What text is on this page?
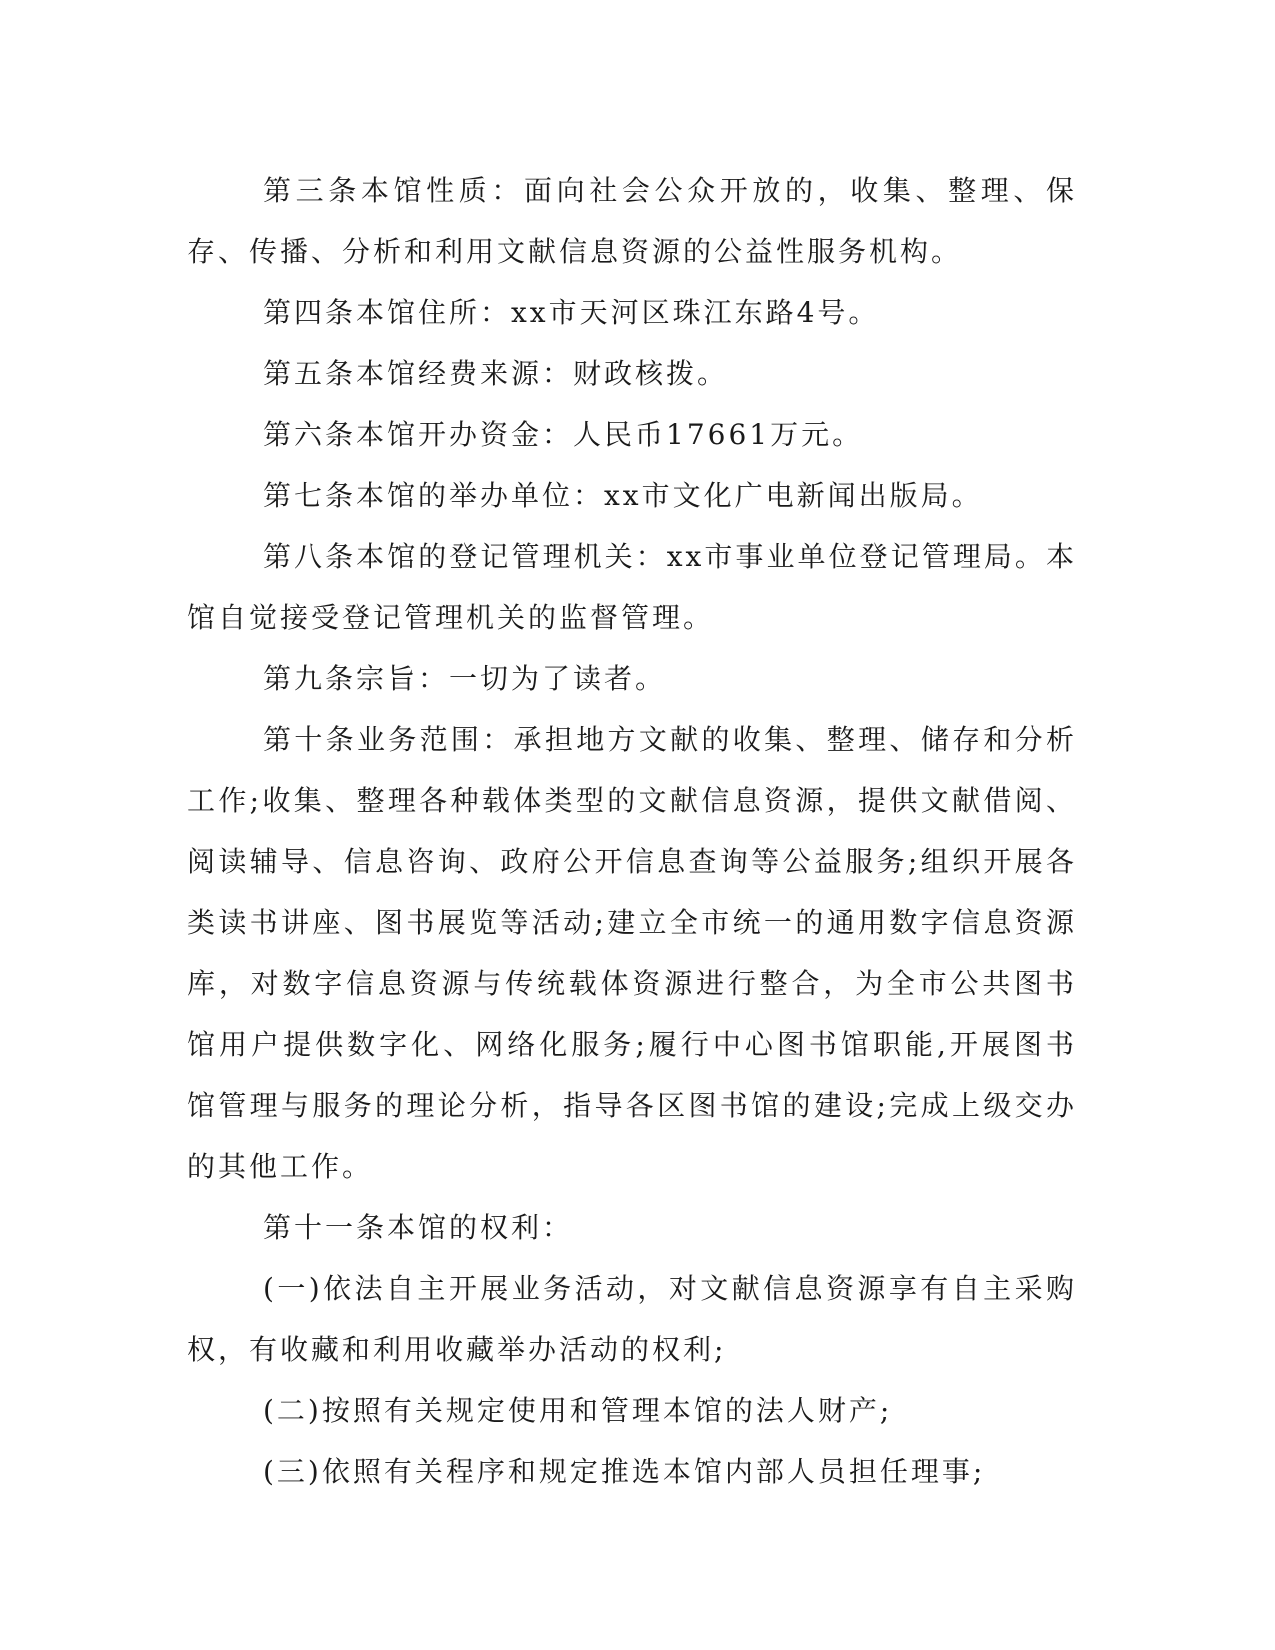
第三条本馆性质：面向社会公众开放的，收集、整理、保存、传播、分析和利用文献信息资源的公益性服务机构。

第四条本馆住所：xx市天河区珠江东路4号。

第五条本馆经费来源：财政核拨。

第六条本馆开办资金：人民币17661万元。

第七条本馆的举办单位：xx市文化广电新闻出版局。

第八条本馆的登记管理机关：xx市事业单位登记管理局。本馆自觉接受登记管理机关的监督管理。

第九条宗旨：一切为了读者。

第十条业务范围：承担地方文献的收集、整理、储存和分析工作;收集、整理各种载体类型的文献信息资源，提供文献借阅、阅读辅导、信息咨询、政府公开信息查询等公益服务;组织开展各类读书讲座、图书展览等活动;建立全市统一的通用数字信息资源库，对数字信息资源与传统载体资源进行整合，为全市公共图书馆用户提供数字化、网络化服务;履行中心图书馆职能,开展图书馆管理与服务的理论分析，指导各区图书馆的建设;完成上级交办的其他工作。

第十一条本馆的权利：

(一)依法自主开展业务活动，对文献信息资源享有自主采购权，有收藏和利用收藏举办活动的权利;

(二)按照有关规定使用和管理本馆的法人财产;

(三)依照有关程序和规定推选本馆内部人员担任理事;
